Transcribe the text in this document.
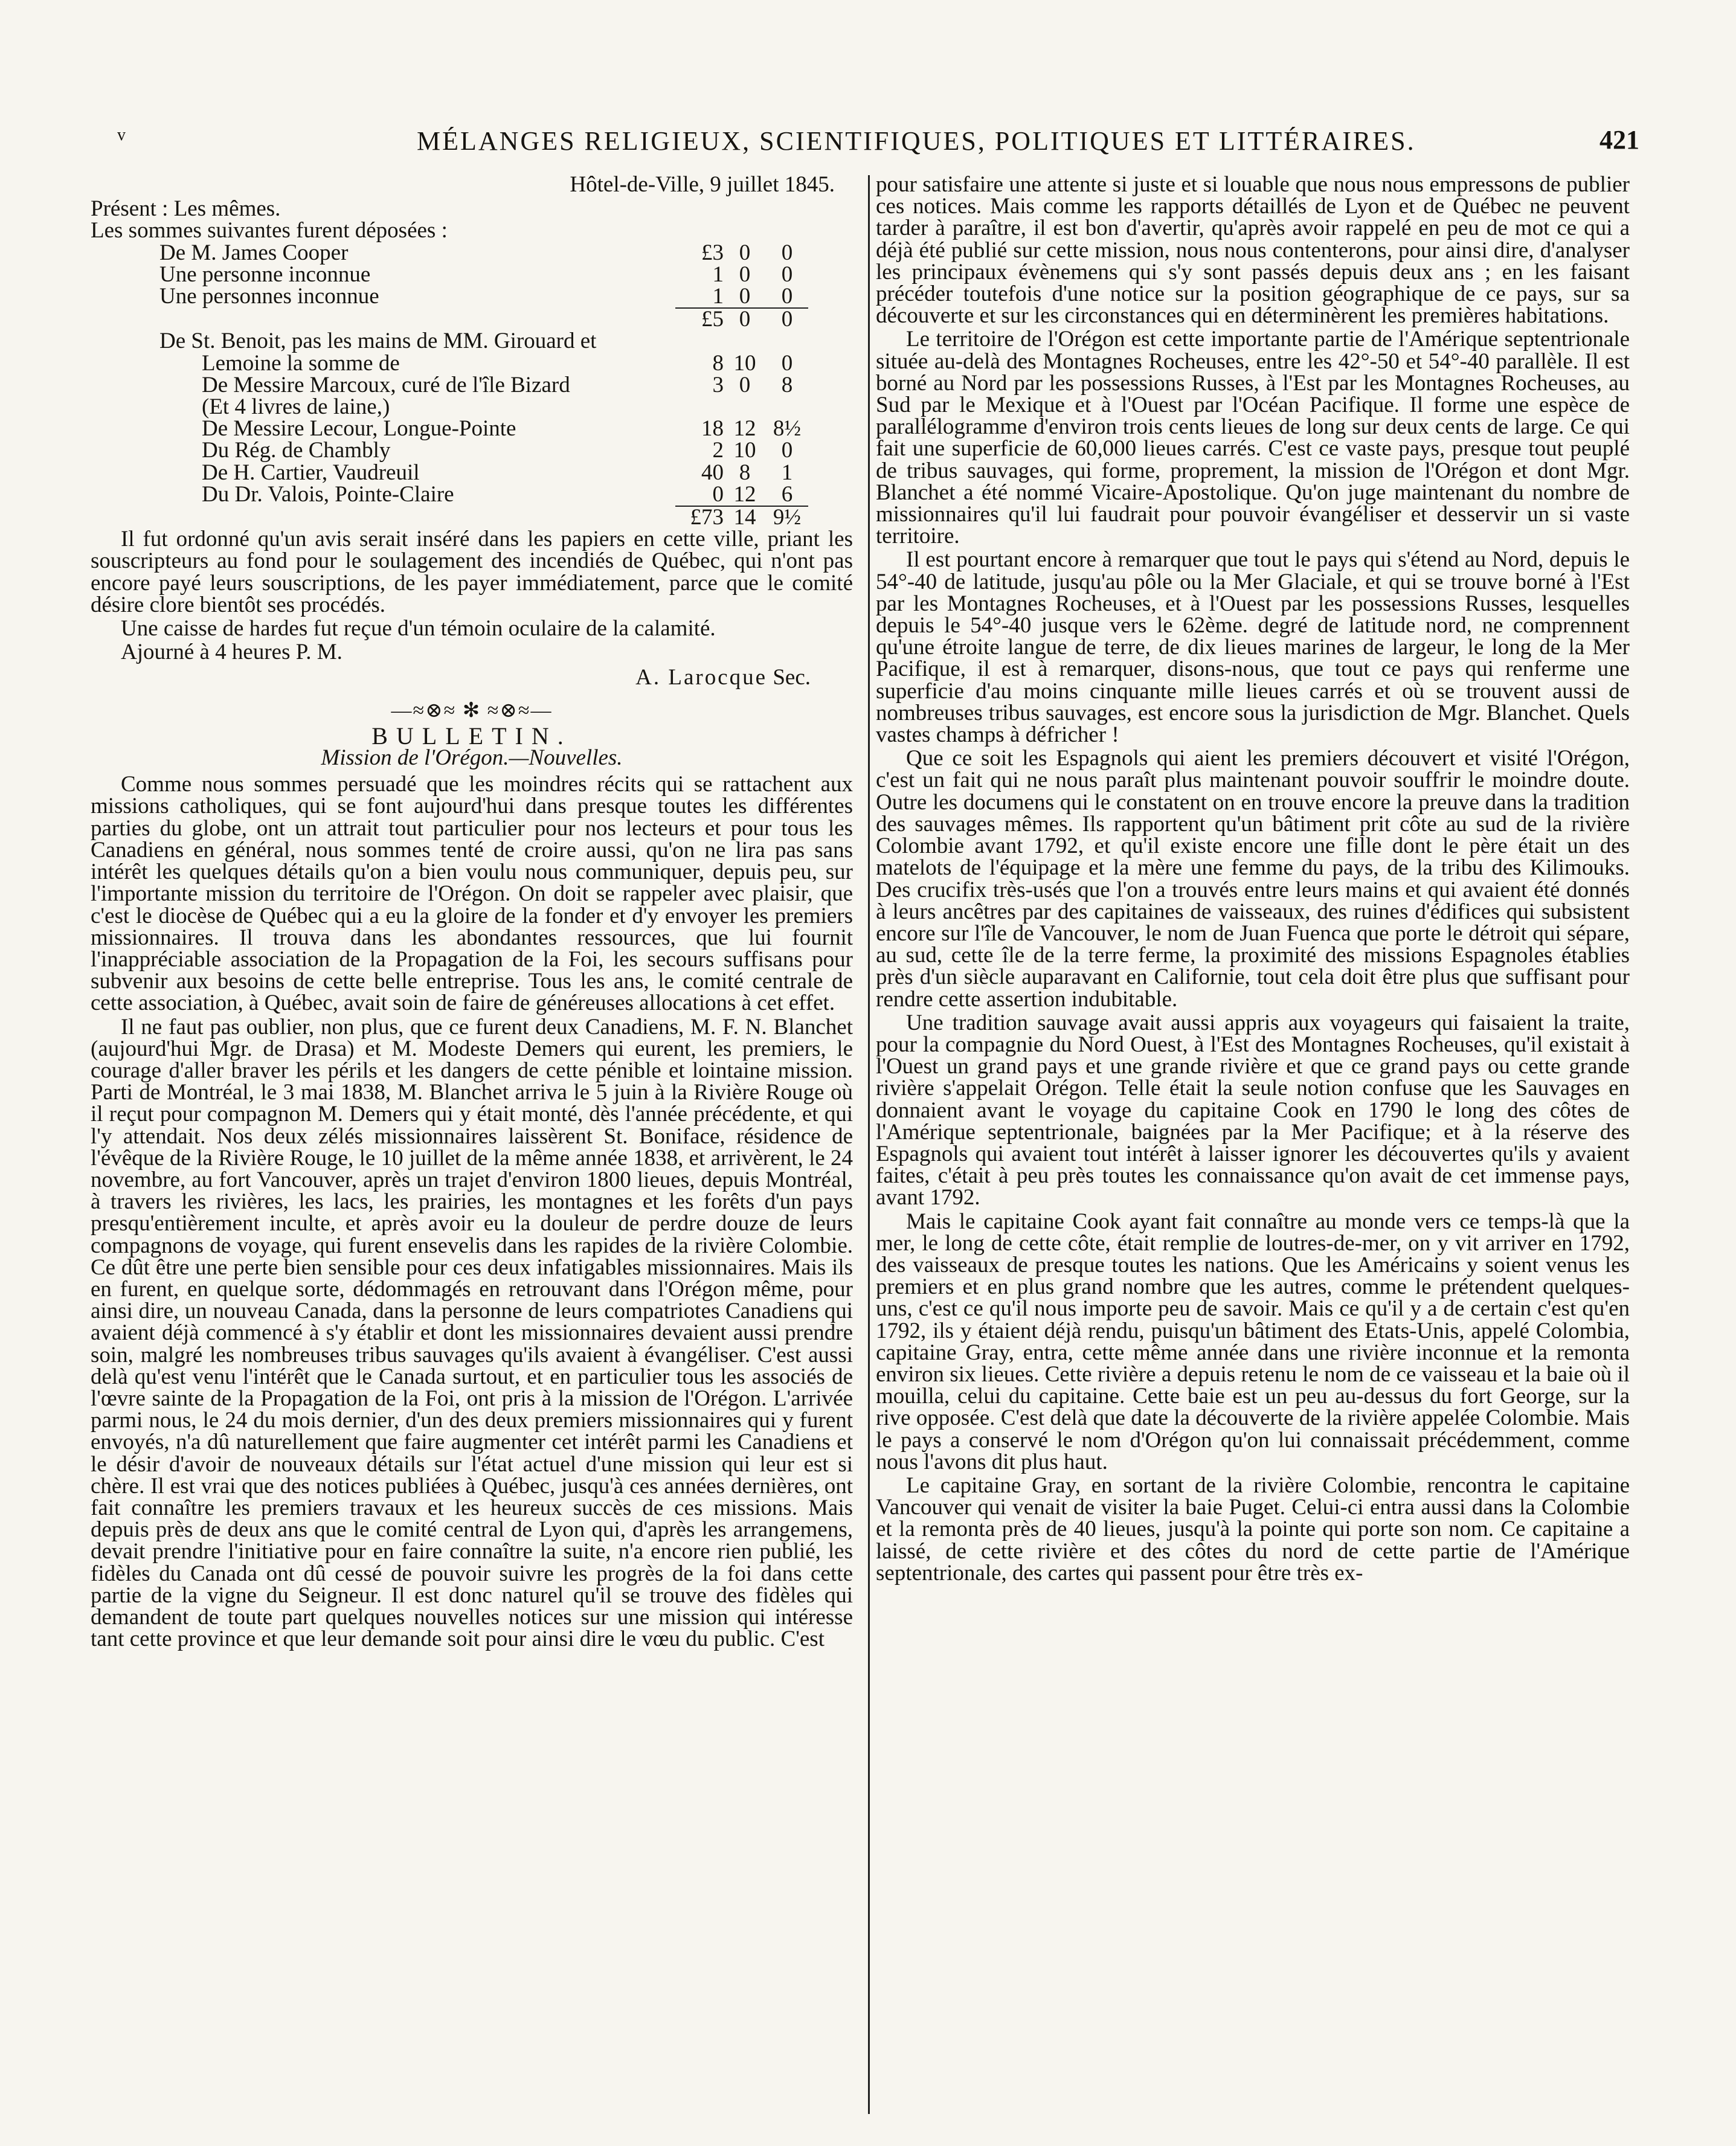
v	MÉLANGES RELIGIEUX, SCIENTIFIQUES, POLITIQUES ET LITTÉRAIRES.	421
Hôtel-de-Ville, 9 juillet 1845.
Présent : Les mêmes.
Les sommes suivantes furent déposées :
De M. James Cooper	£3	0	0	
Une personne inconnue	1	0	0	
Une personnes inconnue	1	0	0	
	£5	0	0	
De St. Benoit, pas les mains de MM. Girouard et				
Lemoine la somme de	8	10	0	
De Messire Marcoux, curé de l'île Bizard	3	0	8	
(Et 4 livres de laine,)				
De Messire Lecour, Longue-Pointe	18	12	8½	
Du Rég. de Chambly	2	10	0	
De H. Cartier, Vaudreuil	40	8	1	
Du Dr. Valois, Pointe-Claire	0	12	6	
	£73	14	9½	

Il fut ordonné qu'un avis serait inséré dans les papiers en cette ville, priant les souscripteurs au fond pour le soulagement des incendiés de Québec, qui n'ont pas encore payé leurs souscriptions, de les payer immédiatement, parce que le comité désire clore bientôt ses procédés.

Une caisse de hardes fut reçue d'un témoin oculaire de la calamité.

Ajourné à 4 heures P. M.

A. Larocque Sec.
—≈⊗≈ ✻ ≈⊗≈—
BULLETIN.
Mission de l'Orégon.—Nouvelles.

Comme nous sommes persuadé que les moindres récits qui se rattachent aux missions catholiques, qui se font aujourd'hui dans presque toutes les différentes parties du globe, ont un attrait tout particulier pour nos lecteurs et pour tous les Canadiens en général, nous sommes tenté de croire aussi, qu'on ne lira pas sans intérêt les quelques détails qu'on a bien voulu nous communiquer, depuis peu, sur l'importante mission du territoire de l'Orégon. On doit se rappeler avec plaisir, que c'est le diocèse de Québec qui a eu la gloire de la fonder et d'y envoyer les premiers missionnaires. Il trouva dans les abondantes ressources, que lui fournit l'inappréciable association de la Propagation de la Foi, les secours suffisans pour subvenir aux besoins de cette belle entreprise. Tous les ans, le comité centrale de cette association, à Québec, avait soin de faire de généreuses allocations à cet effet.

Il ne faut pas oublier, non plus, que ce furent deux Canadiens, M. F. N. Blanchet (aujourd'hui Mgr. de Drasa) et M. Modeste Demers qui eurent, les premiers, le courage d'aller braver les périls et les dangers de cette pénible et lointaine mission. Parti de Montréal, le 3 mai 1838, M. Blanchet arriva le 5 juin à la Rivière Rouge où il reçut pour compagnon M. Demers qui y était monté, dès l'année précédente, et qui l'y attendait. Nos deux zélés missionnaires laissèrent St. Boniface, résidence de l'évêque de la Rivière Rouge, le 10 juillet de la même année 1838, et arrivèrent, le 24 novembre, au fort Vancouver, après un trajet d'environ 1800 lieues, depuis Montréal, à travers les rivières, les lacs, les prairies, les montagnes et les forêts d'un pays presqu'entièrement inculte, et après avoir eu la douleur de perdre douze de leurs compagnons de voyage, qui furent ensevelis dans les rapides de la rivière Colombie. Ce dût être une perte bien sensible pour ces deux infatigables missionnaires. Mais ils en furent, en quelque sorte, dédommagés en retrouvant dans l'Orégon même, pour ainsi dire, un nouveau Canada, dans la personne de leurs compatriotes Canadiens qui avaient déjà commencé à s'y établir et dont les missionnaires devaient aussi prendre soin, malgré les nombreuses tribus sauvages qu'ils avaient à évangéliser. C'est aussi delà qu'est venu l'intérêt que le Canada surtout, et en particulier tous les associés de l'œvre sainte de la Propagation de la Foi, ont pris à la mission de l'Orégon. L'arrivée parmi nous, le 24 du mois dernier, d'un des deux premiers missionnaires qui y furent envoyés, n'a dû naturellement que faire augmenter cet intérêt parmi les Canadiens et le désir d'avoir de nouveaux détails sur l'état actuel d'une mission qui leur est si chère. Il est vrai que des notices publiées à Québec, jusqu'à ces années dernières, ont fait connaître les premiers travaux et les heureux succès de ces missions. Mais depuis près de deux ans que le comité central de Lyon qui, d'après les arrangemens, devait prendre l'initiative pour en faire connaître la suite, n'a encore rien publié, les fidèles du Canada ont dû cessé de pouvoir suivre les progrès de la foi dans cette partie de la vigne du Seigneur. Il est donc naturel qu'il se trouve des fidèles qui demandent de toute part quelques nouvelles notices sur une mission qui intéresse tant cette province et que leur demande soit pour ainsi dire le vœu du public. C'est

pour satisfaire une attente si juste et si louable que nous nous empressons de publier ces notices. Mais comme les rapports détaillés de Lyon et de Québec ne peuvent tarder à paraître, il est bon d'avertir, qu'après avoir rappelé en peu de mot ce qui a déjà été publié sur cette mission, nous nous contenterons, pour ainsi dire, d'analyser les principaux évènemens qui s'y sont passés depuis deux ans ; en les faisant précéder toutefois d'une notice sur la position géographique de ce pays, sur sa découverte et sur les circonstances qui en déterminèrent les premières habitations.

Le territoire de l'Orégon est cette importante partie de l'Amérique septentrionale située au-delà des Montagnes Rocheuses, entre les 42°-50 et 54°-40 parallèle. Il est borné au Nord par les possessions Russes, à l'Est par les Montagnes Rocheuses, au Sud par le Mexique et à l'Ouest par l'Océan Pacifique. Il forme une espèce de parallélogramme d'environ trois cents lieues de long sur deux cents de large. Ce qui fait une superficie de 60,000 lieues carrés. C'est ce vaste pays, presque tout peuplé de tribus sauvages, qui forme, proprement, la mission de l'Orégon et dont Mgr. Blanchet a été nommé Vicaire-Apostolique. Qu'on juge maintenant du nombre de missionnaires qu'il lui faudrait pour pouvoir évangéliser et desservir un si vaste territoire.

Il est pourtant encore à remarquer que tout le pays qui s'étend au Nord, depuis le 54°-40 de latitude, jusqu'au pôle ou la Mer Glaciale, et qui se trouve borné à l'Est par les Montagnes Rocheuses, et à l'Ouest par les possessions Russes, lesquelles depuis le 54°-40 jusque vers le 62ème. degré de latitude nord, ne comprennent qu'une étroite langue de terre, de dix lieues marines de largeur, le long de la Mer Pacifique, il est à remarquer, disons-nous, que tout ce pays qui renferme une superficie d'au moins cinquante mille lieues carrés et où se trouvent aussi de nombreuses tribus sauvages, est encore sous la jurisdiction de Mgr. Blanchet. Quels vastes champs à défricher !

Que ce soit les Espagnols qui aient les premiers découvert et visité l'Orégon, c'est un fait qui ne nous paraît plus maintenant pouvoir souffrir le moindre doute. Outre les documens qui le constatent on en trouve encore la preuve dans la tradition des sauvages mêmes. Ils rapportent qu'un bâtiment prit côte au sud de la rivière Colombie avant 1792, et qu'il existe encore une fille dont le père était un des matelots de l'équipage et la mère une femme du pays, de la tribu des Kilimouks. Des crucifix très-usés que l'on a trouvés entre leurs mains et qui avaient été donnés à leurs ancêtres par des capitaines de vaisseaux, des ruines d'édifices qui subsistent encore sur l'île de Vancouver, le nom de Juan Fuenca que porte le détroit qui sépare, au sud, cette île de la terre ferme, la proximité des missions Espagnoles établies près d'un siècle auparavant en Californie, tout cela doit être plus que suffisant pour rendre cette assertion indubitable.

Une tradition sauvage avait aussi appris aux voyageurs qui faisaient la traite, pour la compagnie du Nord Ouest, à l'Est des Montagnes Rocheuses, qu'il existait à l'Ouest un grand pays et une grande rivière et que ce grand pays ou cette grande rivière s'appelait Orégon. Telle était la seule notion confuse que les Sauvages en donnaient avant le voyage du capitaine Cook en 1790 le long des côtes de l'Amérique septentrionale, baignées par la Mer Pacifique; et à la réserve des Espagnols qui avaient tout intérêt à laisser ignorer les découvertes qu'ils y avaient faites, c'était à peu près toutes les connaissance qu'on avait de cet immense pays, avant 1792.

Mais le capitaine Cook ayant fait connaître au monde vers ce temps-là que la mer, le long de cette côte, était remplie de loutres-de-mer, on y vit arriver en 1792, des vaisseaux de presque toutes les nations. Que les Américains y soient venus les premiers et en plus grand nombre que les autres, comme le prétendent quelques-uns, c'est ce qu'il nous importe peu de savoir. Mais ce qu'il y a de certain c'est qu'en 1792, ils y étaient déjà rendu, puisqu'un bâtiment des Etats-Unis, appelé Colombia, capitaine Gray, entra, cette même année dans une rivière inconnue et la remonta environ six lieues. Cette rivière a depuis retenu le nom de ce vaisseau et la baie où il mouilla, celui du capitaine. Cette baie est un peu au-dessus du fort George, sur la rive opposée. C'est delà que date la découverte de la rivière appelée Colombie. Mais le pays a conservé le nom d'Orégon qu'on lui connaissait précédemment, comme nous l'avons dit plus haut.

Le capitaine Gray, en sortant de la rivière Colombie, rencontra le capitaine Vancouver qui venait de visiter la baie Puget. Celui-ci entra aussi dans la Colombie et la remonta près de 40 lieues, jusqu'à la pointe qui porte son nom. Ce capitaine a laissé, de cette rivière et des côtes du nord de cette partie de l'Amérique septentrionale, des cartes qui passent pour être très ex-
